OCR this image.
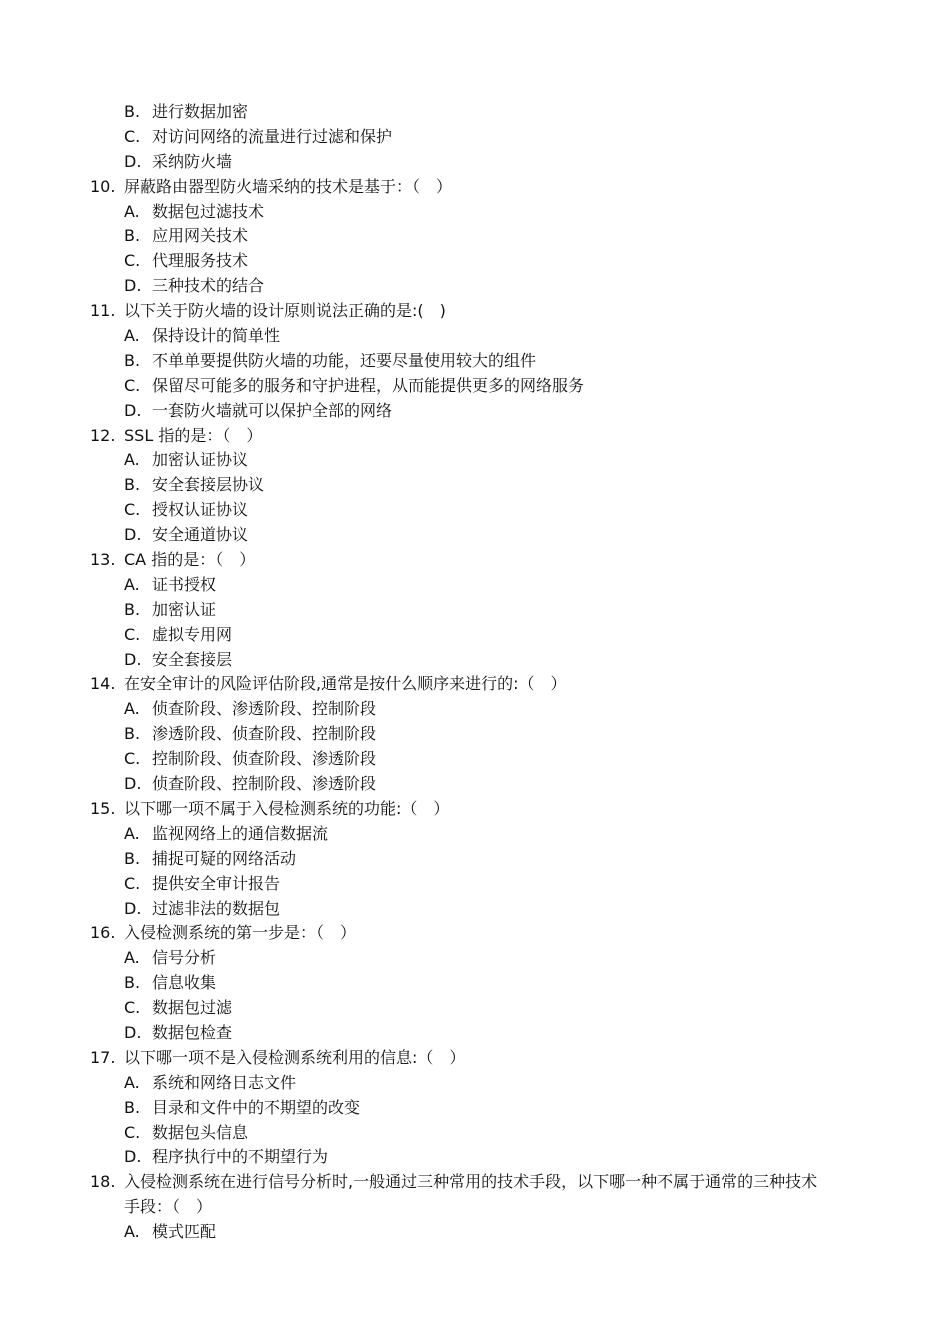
B. 进行数据加密
C. 对访问网络的流量进行过滤和保护
D. 采纳防火墙
10. 屏蔽路由器型防火墙采纳的技术是基于：（　）
A. 数据包过滤技术
B. 应用网关技术
C. 代理服务技术
D. 三种技术的结合
11. 以下关于防火墙的设计原则说法正确的是:(　)
A. 保持设计的简单性
B. 不单单要提供防火墙的功能，还要尽量使用较大的组件
C. 保留尽可能多的服务和守护进程，从而能提供更多的网络服务
D. 一套防火墙就可以保护全部的网络
12. SSL 指的是：（　）
A. 加密认证协议
B. 安全套接层协议
C. 授权认证协议
D. 安全通道协议
13. CA 指的是：（　）
A. 证书授权
B. 加密认证
C. 虚拟专用网
D. 安全套接层
14. 在安全审计的风险评估阶段,通常是按什么顺序来进行的:（　）
A. 侦查阶段、渗透阶段、控制阶段
B. 渗透阶段、侦查阶段、控制阶段
C. 控制阶段、侦查阶段、渗透阶段
D. 侦查阶段、控制阶段、渗透阶段
15. 以下哪一项不属于入侵检测系统的功能:（　）
A. 监视网络上的通信数据流
B. 捕捉可疑的网络活动
C. 提供安全审计报告
D. 过滤非法的数据包
16. 入侵检测系统的第一步是：（　）
A. 信号分析
B. 信息收集
C. 数据包过滤
D. 数据包检查
17. 以下哪一项不是入侵检测系统利用的信息:（　）
A. 系统和网络日志文件
B. 目录和文件中的不期望的改变
C. 数据包头信息
D. 程序执行中的不期望行为
18. 入侵检测系统在进行信号分析时,一般通过三种常用的技术手段，以下哪一种不属于通常的三种技术
手段：（　）
A. 模式匹配
